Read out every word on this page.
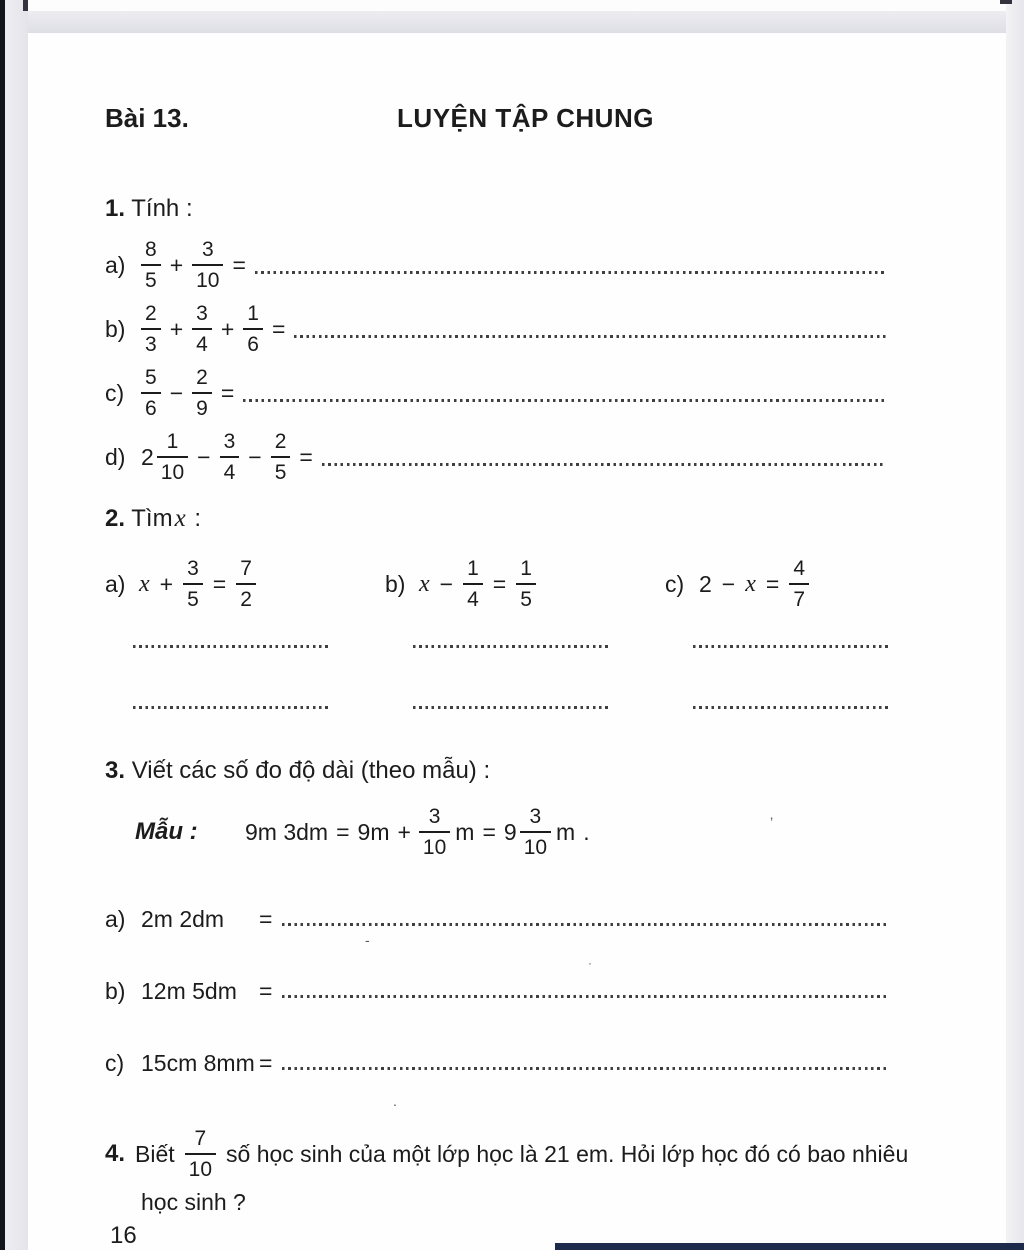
Bài 13.	LUYỆN TẬP CHUNG
1. Tính :
$a) \frac{8}{5} + \frac{3}{10}$ =
$b) \frac{2}{3} + \frac{3}{4} + \frac{1}{6}$ =
$c) \frac{5}{6} - \frac{2}{9}$ =
d) $2 \frac{1}{10} - \frac{3}{4} - \frac{2}{5}$ =
2. Tìmx :
a) $x + \frac{3}{5} = \frac{7}{2}$	b) $x - \frac{1}{4} = \frac{1}{5}$	c) $2 - x = \frac{4}{7}$
3. Viết các số đo độ dài (theo mẫu) :
Mẫu :	9m $3dm = 9m + \frac{3}{10}$ $m = 9 \frac{3}{10}$ m .
a) 2m 2dm	=
b) 12m 5dm =
c) 15cm 8mm =
4. Biết $\frac{7}{10}$ số học sinh của một lớp học là 21 em. Hỏi lớp học đó có bao nhiêu
học sinh ?
16
’
-
·
.
